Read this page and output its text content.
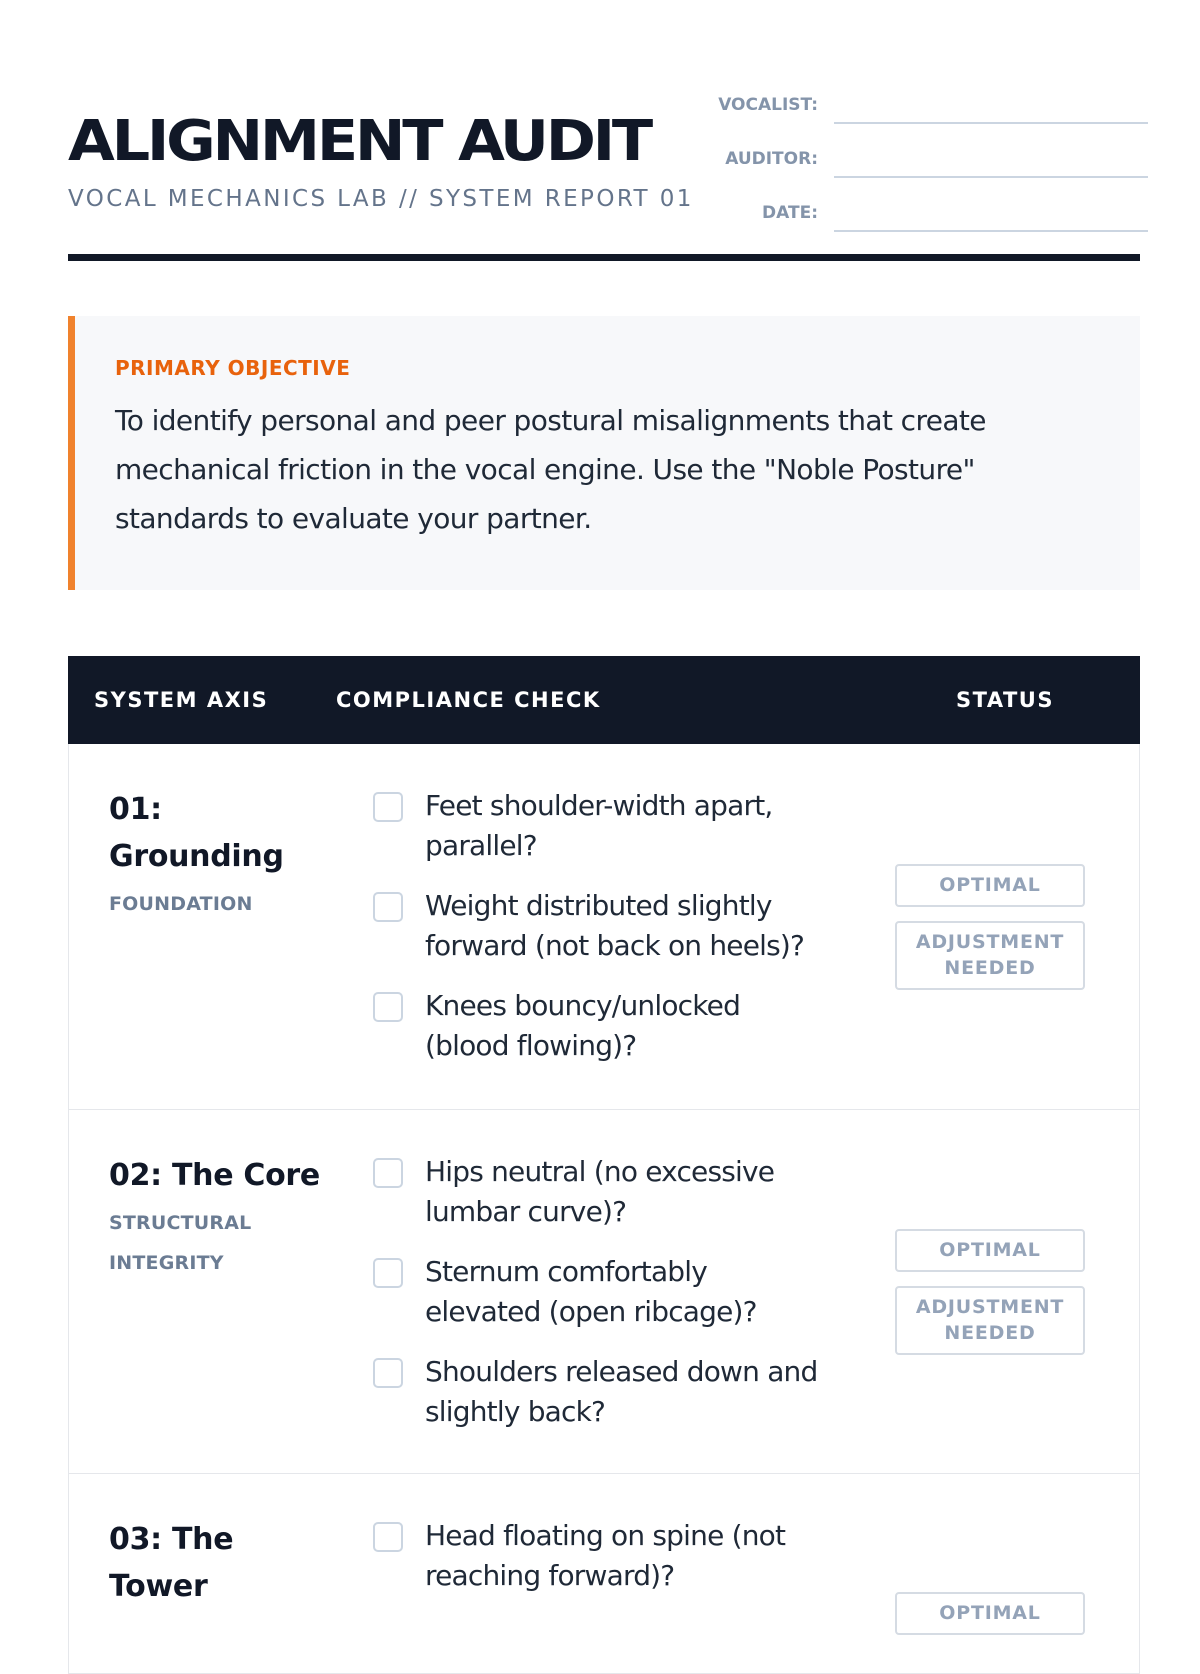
ALIGNMENT AUDIT
VOCAL MECHANICS LAB // SYSTEM REPORT 01
VOCALIST:
AUDITOR:
DATE:
PRIMARY OBJECTIVE
To identify personal and peer postural misalignments that create mechanical friction in the vocal engine. Use the "Noble Posture" standards to evaluate your partner.
SYSTEM AXIS	COMPLIANCE CHECK	STATUS
01: Grounding
FOUNDATION
Feet shoulder-width apart, parallel?
Weight distributed slightly forward (not back on heels)?
Knees bouncy/unlocked (blood flowing)?
OPTIMAL
ADJUSTMENT NEEDED
02: The Core
STRUCTURAL INTEGRITY
Hips neutral (no excessive lumbar curve)?
Sternum comfortably elevated (open ribcage)?
Shoulders released down and slightly back?
OPTIMAL
ADJUSTMENT NEEDED
03: The Tower
Head floating on spine (not reaching forward)?
OPTIMAL
